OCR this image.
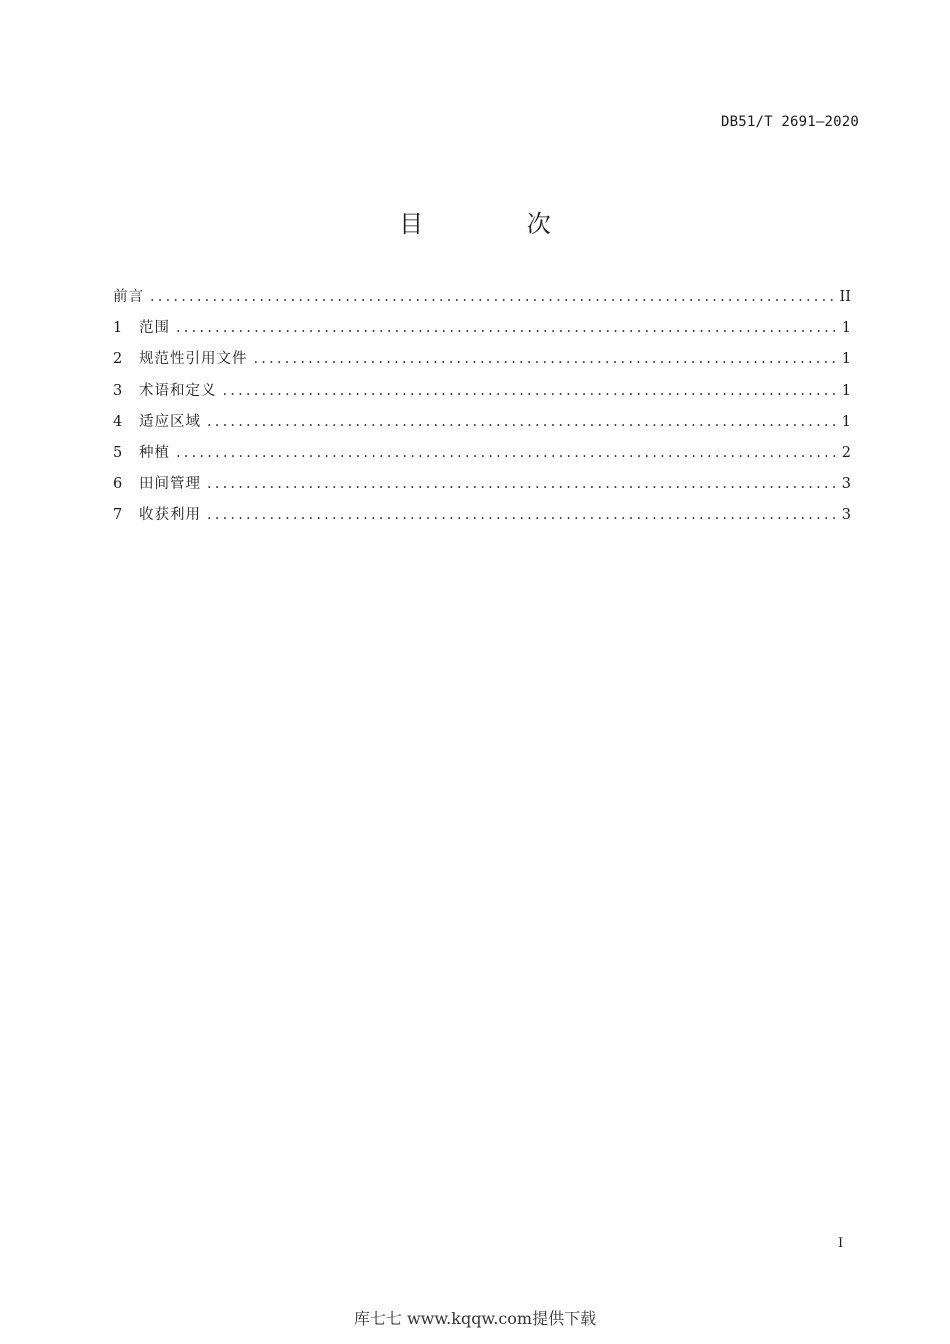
DB51/T 2691—2020
目 次
前言 .....	II
1	范围 .....	1
2	规范性引用文件 .....	1
3	术语和定义 .....	1
4	适应区域 .....	1
5	种植 .....	2
6	田间管理 .....	3
7	收获利用 .....	3
I
库七七 www.kqqw.com提供下载
